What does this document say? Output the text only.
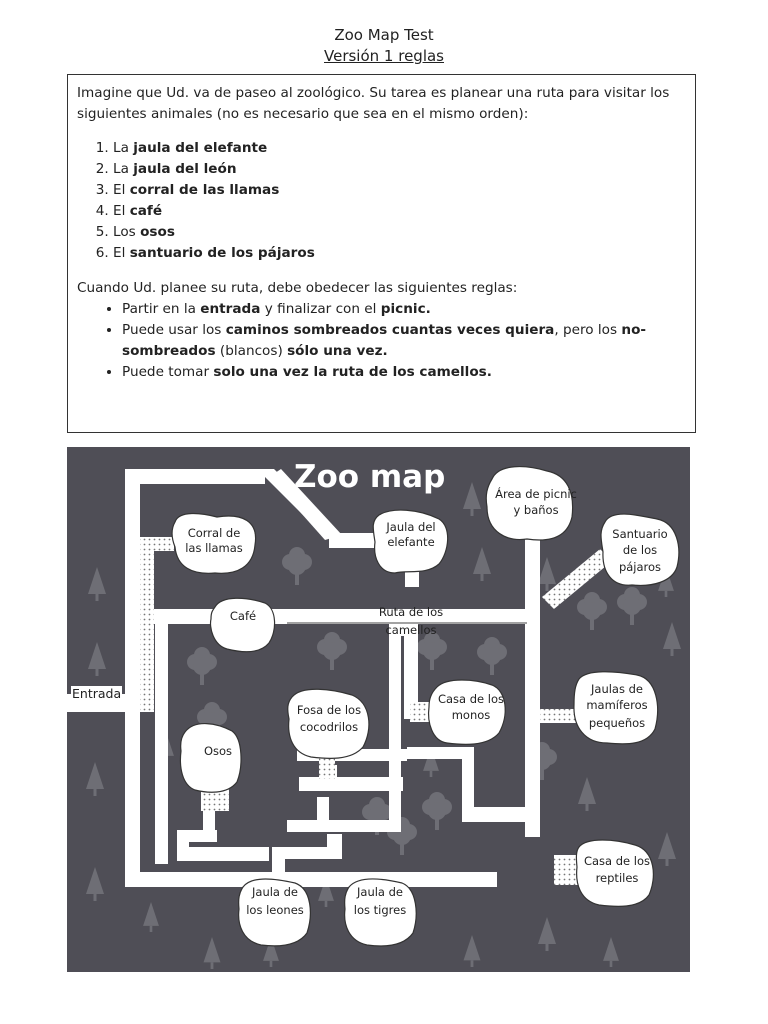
Zoo Map Test
Versión 1 reglas

Imagine que Ud. va de paseo al zoológico. Su tarea es planear una ruta para visitar los siguientes animales (no es necesario que sea en el mismo orden):

1. La jaula del elefante
2. La jaula del león
3. El corral de las llamas
4. El café
5. Los osos
6. El santuario de los pájaros

Cuando Ud. planee su ruta, debe obedecer las siguientes reglas:

• Partir en la entrada y finalizar con el picnic.
• Puede usar los caminos sombreados cuantas veces quiera, pero los no-sombreados (blancos) sólo una vez.
• Puede tomar solo una vez la ruta de los camellos.
Zoo map
Corral de
las llamas
Jaula del
elefante
Área de picnic
y baños
Santuario
de los
pájaros
Café
Casa de los
monos
Fosa de los
cocodrilos
Jaulas de
mamíferos
pequeños
Osos
Casa de los
reptiles
Jaula de
los leones
Jaula de
los tigres
Ruta de los
camellos
Entrada
